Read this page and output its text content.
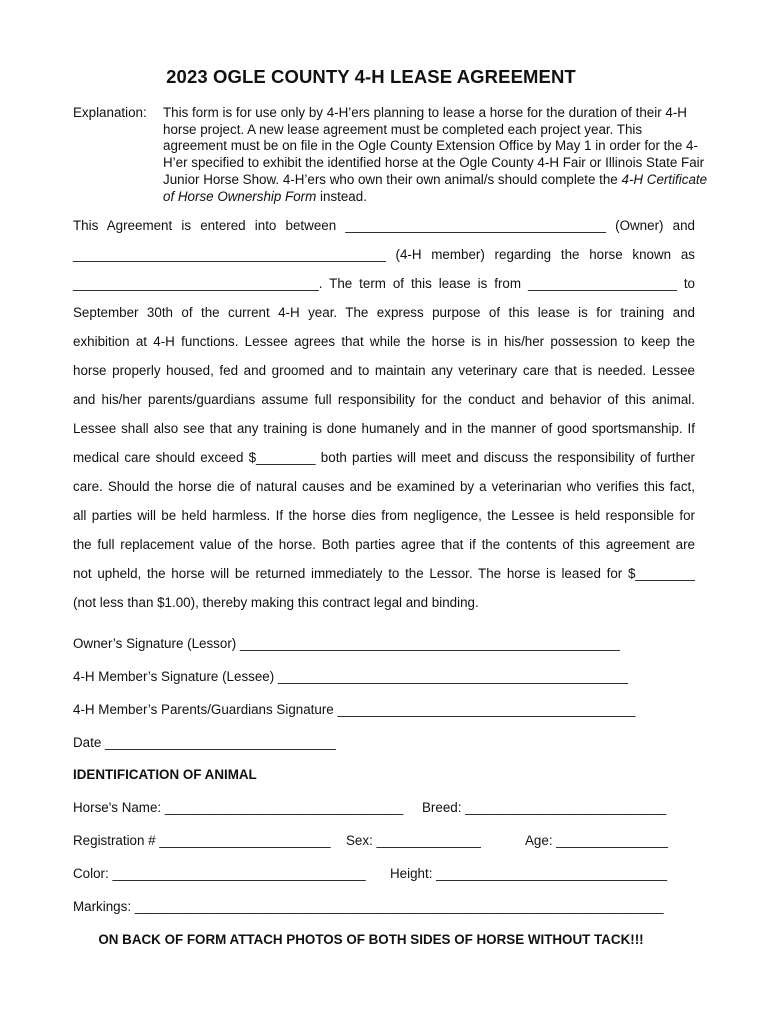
2023 OGLE COUNTY 4-H LEASE AGREEMENT
Explanation: This form is for use only by 4-H’ers planning to lease a horse for the duration of their 4-H horse project. A new lease agreement must be completed each project year. This agreement must be on file in the Ogle County Extension Office by May 1 in order for the 4-H’er specified to exhibit the identified horse at the Ogle County 4-H Fair or Illinois State Fair Junior Horse Show. 4-H’ers who own their own animal/s should complete the 4-H Certificate of Horse Ownership Form instead.
This Agreement is entered into between ___________________________________ (Owner) and
__________________________________________ (4-H member) regarding the horse known as
_________________________________. The term of this lease is from ____________________ to
September 30th of the current 4-H year. The express purpose of this lease is for training and
exhibition at 4-H functions. Lessee agrees that while the horse is in his/her possession to keep the
horse properly housed, fed and groomed and to maintain any veterinary care that is needed. Lessee
and his/her parents/guardians assume full responsibility for the conduct and behavior of this animal.
Lessee shall also see that any training is done humanely and in the manner of good sportsmanship. If
medical care should exceed $________ both parties will meet and discuss the responsibility of further
care. Should the horse die of natural causes and be examined by a veterinarian who verifies this fact,
all parties will be held harmless. If the horse dies from negligence, the Lessee is held responsible for
the full replacement value of the horse. Both parties agree that if the contents of this agreement are
not upheld, the horse will be returned immediately to the Lessor. The horse is leased for $________
(not less than $1.00), thereby making this contract legal and binding.
Owner’s Signature (Lessor) ___________________________________________________
4-H Member’s Signature (Lessee) _______________________________________________
4-H Member’s Parents/Guardians Signature ________________________________________
Date _______________________________
IDENTIFICATION OF ANIMAL
Horse's Name: ________________________________ Breed: ___________________________
Registration # _______________________ Sex: ______________	Age: _______________
Color: __________________________________ Height: _______________________________
Markings: _______________________________________________________________________
ON BACK OF FORM ATTACH PHOTOS OF BOTH SIDES OF HORSE WITHOUT TACK!!!
